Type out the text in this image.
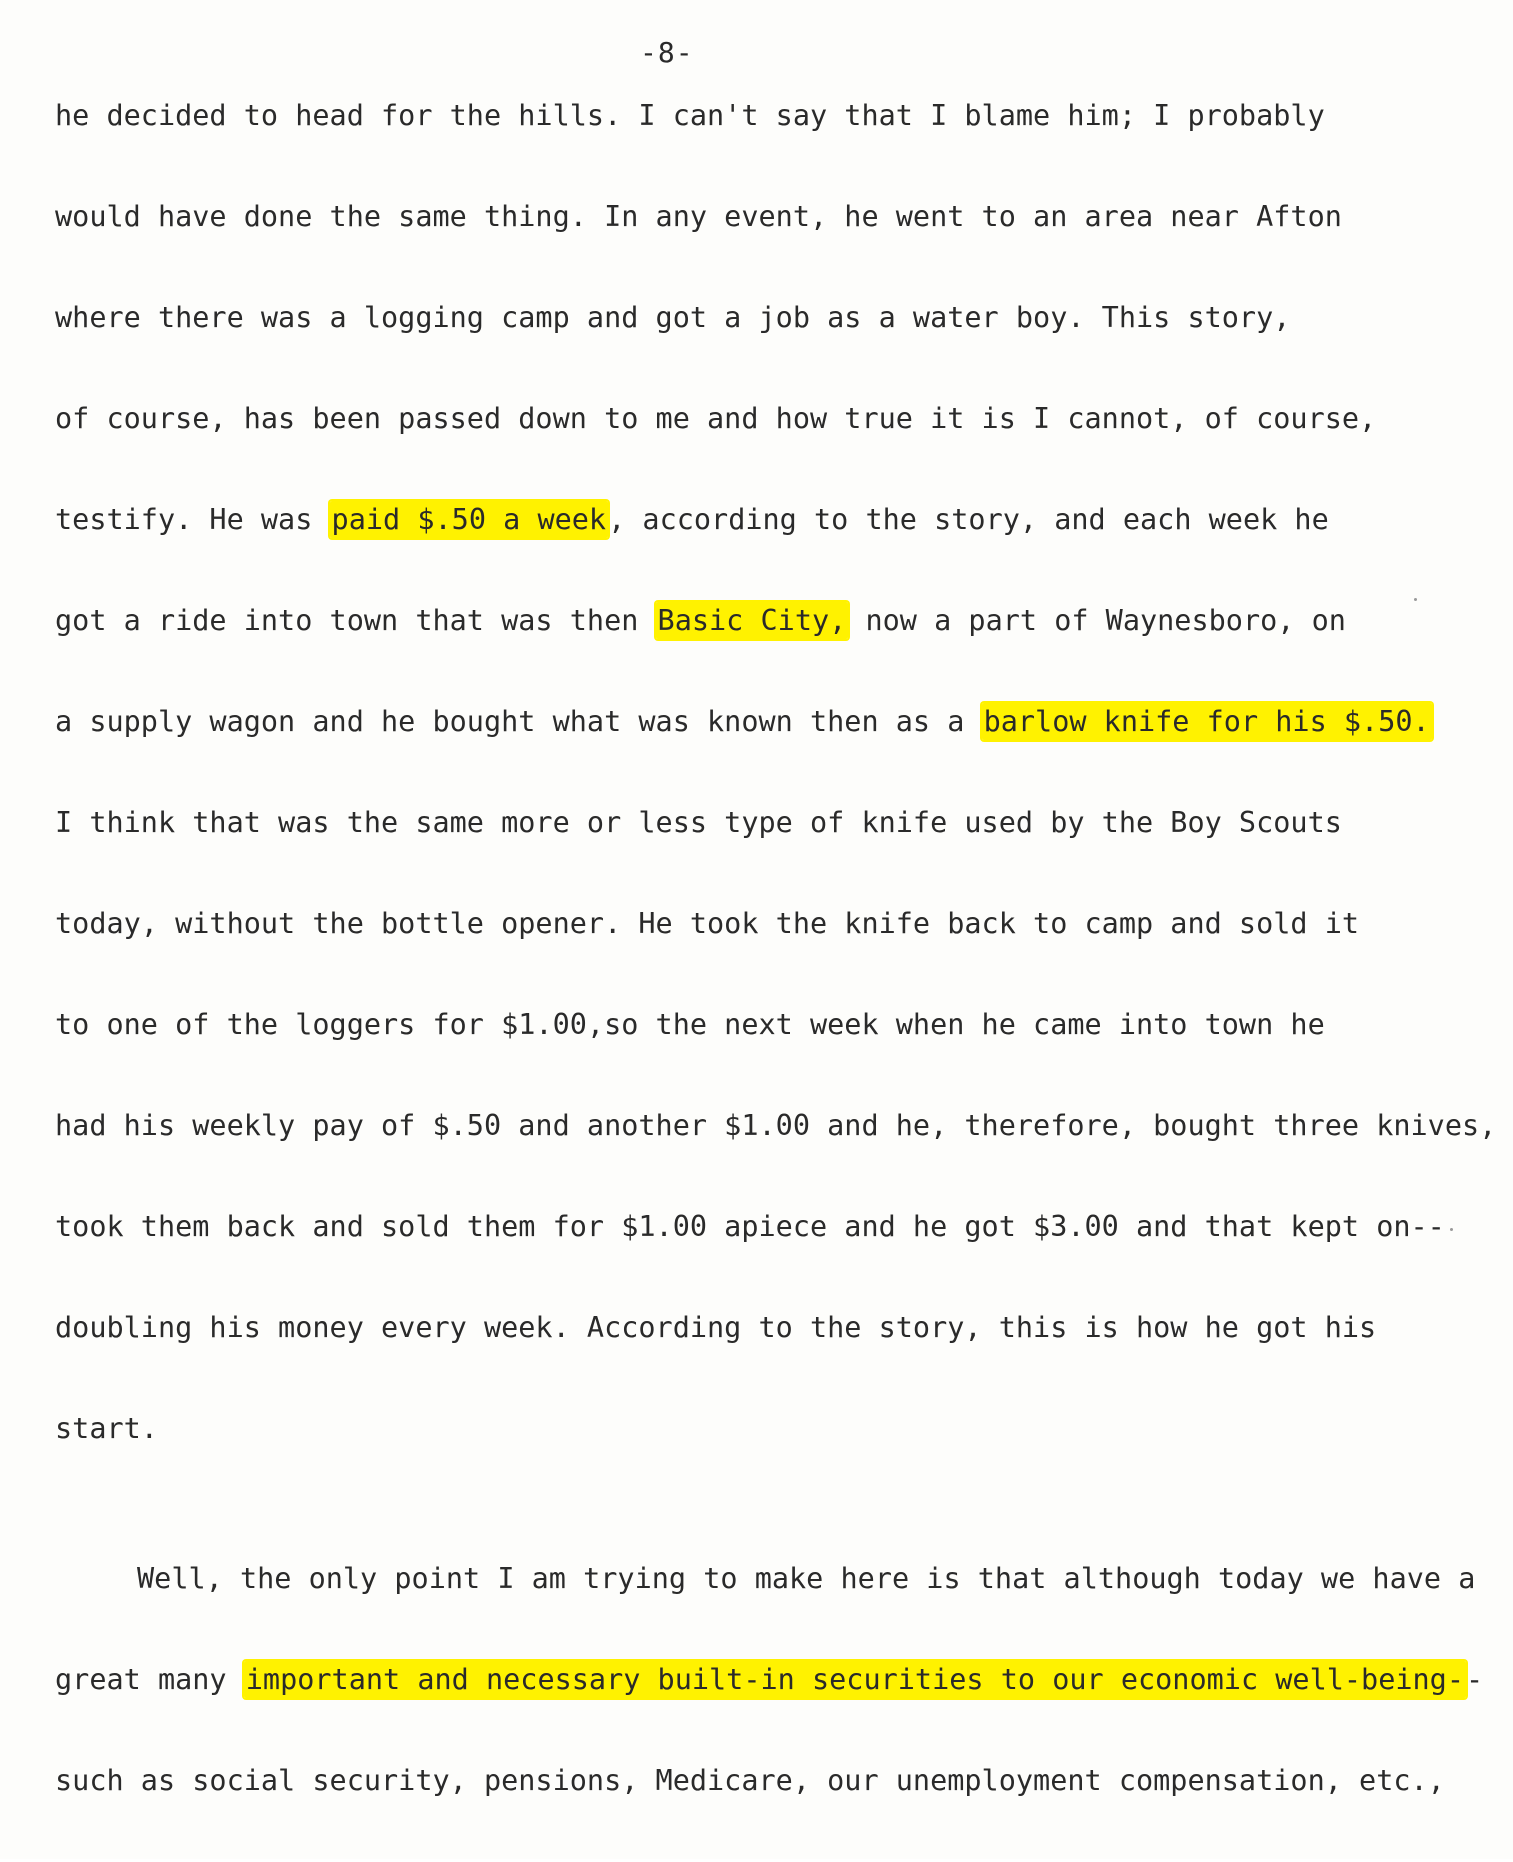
-8-
he decided to head for the hills. I can't say that I blame him; I probably
would have done the same thing. In any event, he went to an area near Afton
where there was a logging camp and got a job as a water boy. This story,
of course, has been passed down to me and how true it is I cannot, of course,
testify. He was paid $.50 a week, according to the story, and each week he
got a ride into town that was then Basic City, now a part of Waynesboro, on
a supply wagon and he bought what was known then as a barlow knife for his $.50.
I think that was the same more or less type of knife used by the Boy Scouts
today, without the bottle opener. He took the knife back to camp and sold it
to one of the loggers for $1.00,so the next week when he came into town he
had his weekly pay of $.50 and another $1.00 and he, therefore, bought three knives,
took them back and sold them for $1.00 apiece and he got $3.00 and that kept on--
doubling his money every week. According to the story, this is how he got his
start.
Well, the only point I am trying to make here is that although today we have a
great many important and necessary built-in securities to our economic well-being--
such as social security, pensions, Medicare, our unemployment compensation, etc.,
